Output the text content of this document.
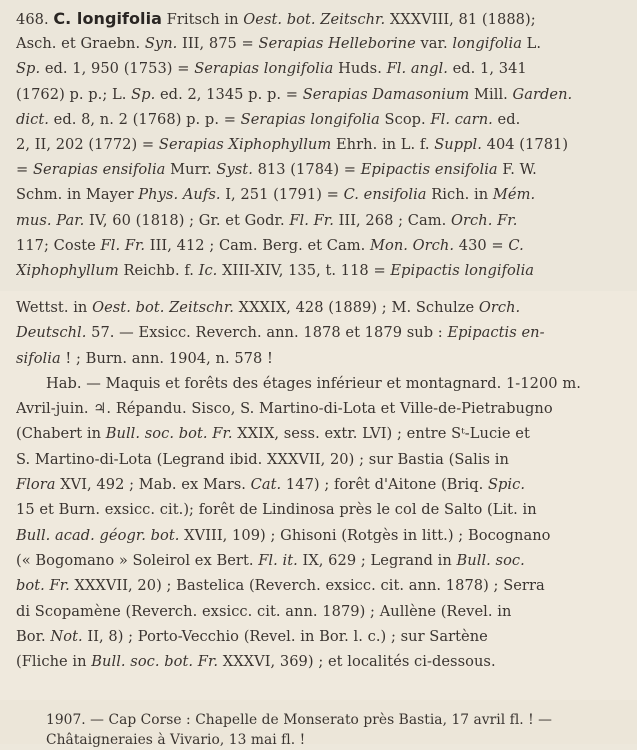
468. C. longifolia Fritsch in Oest. bot. Zeitschr. XXXVIII, 81 (1888);
Asch. et Graebn. Syn. III, 875 = Serapias Helleborine var. longifolia L.
Sp. ed. 1, 950 (1753) = Serapias longifolia Huds. Fl. angl. ed. 1, 341
(1762) p. p.; L. Sp. ed. 2, 1345 p. p. = Serapias Damasonium Mill. Garden.
dict. ed. 8, n. 2 (1768) p. p. = Serapias longifolia Scop. Fl. carn. ed.
2, II, 202 (1772) = Serapias Xiphophyllum Ehrh. in L. f. Suppl. 404 (1781)
= Serapias ensifolia Murr. Syst. 813 (1784) = Epipactis ensifolia F. W.
Schm. in Mayer Phys. Aufs. I, 251 (1791) = C. ensifolia Rich. in Mém.
mus. Par. IV, 60 (1818) ; Gr. et Godr. Fl. Fr. III, 268 ; Cam. Orch. Fr.
117; Coste Fl. Fr. III, 412 ; Cam. Berg. et Cam. Mon. Orch. 430 = C.
Xiphophyllum Reichb. f. Ic. XIII-XIV, 135, t. 118 = Epipactis longifolia
Wettst. in Oest. bot. Zeitschr. XXXIX, 428 (1889) ; M. Schulze Orch.
Deutschl. 57. — Exsicc. Reverch. ann. 1878 et 1879 sub : Epipactis en-
sifolia ! ; Burn. ann. 1904, n. 578 !
Hab. — Maquis et forêts des étages inférieur et montagnard. 1-1200 m.
Avril-juin. ♃. Répandu. Sisco, S. Martino-di-Lota et Ville-de-Pietrabugno
(Chabert in Bull. soc. bot. Fr. XXIX, sess. extr. LVI) ; entre Sᵗ-Lucie et
S. Martino-di-Lota (Legrand ibid. XXXVII, 20) ; sur Bastia (Salis in
Flora XVI, 492 ; Mab. ex Mars. Cat. 147) ; forêt d'Aitone (Briq. Spic.
15 et Burn. exsicc. cit.); forêt de Lindinosa près le col de Salto (Lit. in
Bull. acad. géogr. bot. XVIII, 109) ; Ghisoni (Rotgès in litt.) ; Bocognano
(« Bogomano » Soleirol ex Bert. Fl. it. IX, 629 ; Legrand in Bull. soc.
bot. Fr. XXXVII, 20) ; Bastelica (Reverch. exsicc. cit. ann. 1878) ; Serra
di Scopamène (Reverch. exsicc. cit. ann. 1879) ; Aullène (Revel. in
Bor. Not. II, 8) ; Porto-Vecchio (Revel. in Bor. l. c.) ; sur Sartène
(Fliche in Bull. soc. bot. Fr. XXXVI, 369) ; et localités ci-dessous.
1907. — Cap Corse : Chapelle de Monserato près Bastia, 17 avril fl. ! —
Châtaigneraies à Vivario, 13 mai fl. !
